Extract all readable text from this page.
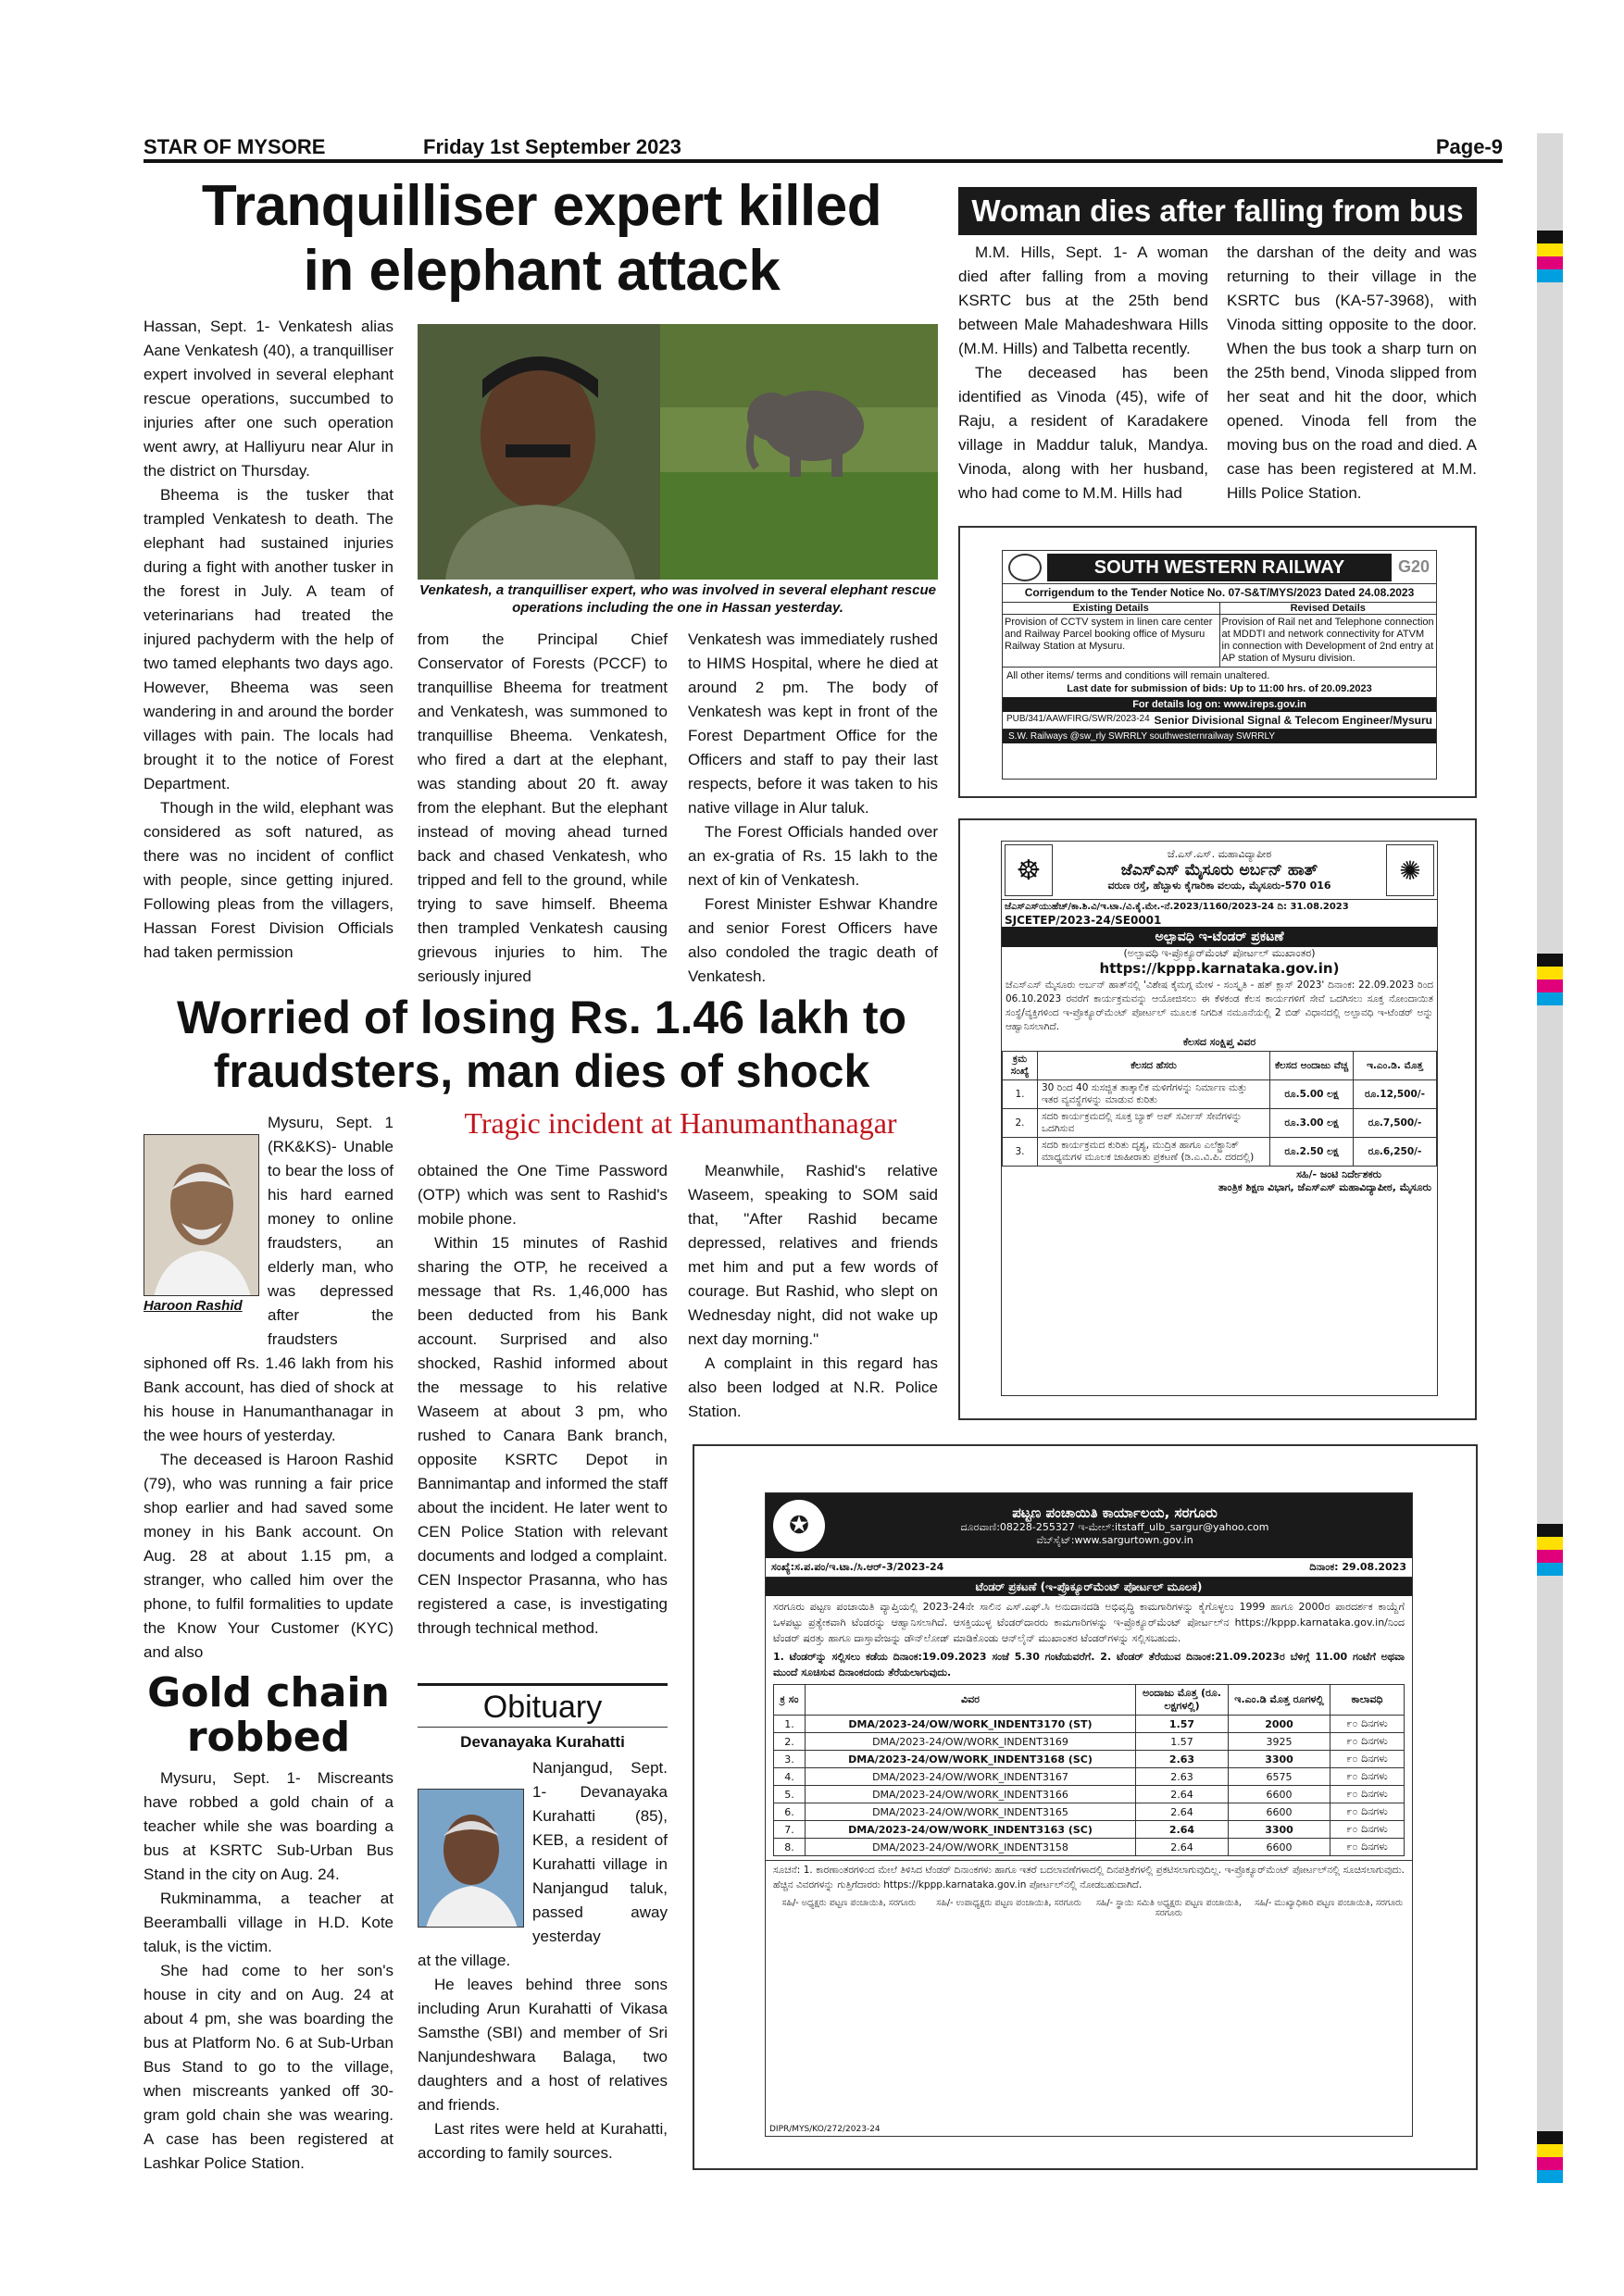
STAR OF MYSORE	Friday 1st September 2023	Page-9
Tranquilliser expert killed
in elephant attack

Hassan, Sept. 1- Venkatesh alias Aane Venkatesh (40), a tranquilliser expert involved in several elephant rescue operations, succumbed to injuries after one such operation went awry, at Halliyuru near Alur in the district on Thursday.

Bheema is the tusker that trampled Venkatesh to death. The elephant had sustained injuries during a fight with another tusker in the forest in July. A team of veterinarians had treated the injured pachyderm with the help of two tamed elephants two days ago. However, Bheema was seen wandering in and around the border villages with pain. The locals had brought it to the notice of Forest Department.

Though in the wild, elephant was considered as soft natured, as there was no incident of conflict with people, since getting injured. Following pleas from the villagers, Hassan Forest Division Officials had taken permission

Venkatesh, a tranquilliser expert, who was involved in several elephant rescue operations including the one in Hassan yesterday.

from the Principal Chief Conservator of Forests (PCCF) to tranquillise Bheema for treatment and Venkatesh, was summoned to tranquillise Bheema. Venkatesh, who fired a dart at the elephant, was standing about 20 ft. away from the elephant. But the elephant instead of moving ahead turned back and chased Venkatesh, who tripped and fell to the ground, while trying to save himself. Bheema then trampled Venkatesh causing grievous injuries to him. The seriously injured

Venkatesh was immediately rushed to HIMS Hospital, where he died at around 2 pm. The body of Venkatesh was kept in front of the Forest Department Office for the Officers and staff to pay their last respects, before it was taken to his native village in Alur taluk.

The Forest Officials handed over an ex-gratia of Rs. 15 lakh to the next of kin of Venkatesh.

Forest Minister Eshwar Khandre and senior Forest Officers have also condoled the tragic death of Venkatesh.

Woman dies after falling from bus

M.M. Hills, Sept. 1- A woman died after falling from a moving KSRTC bus at the 25th bend between Male Mahadeshwara Hills (M.M. Hills) and Talbetta recently.

The deceased has been identified as Vinoda (45), wife of Raju, a resident of Karadakere village in Maddur taluk, Mandya. Vinoda, along with her husband, who had come to M.M. Hills had

the darshan of the deity and was returning to their village in the KSRTC bus (KA-57-3968), with Vinoda sitting opposite to the door. When the bus took a sharp turn on the 25th bend, Vinoda slipped from her seat and hit the door, which opened. Vinoda fell from the moving bus on the road and died. A case has been registered at M.M. Hills Police Station.

SOUTH WESTERN RAILWAY	G20
Corrigendum to the Tender Notice No. 07-S&T/MYS/2023 Dated 24.08.2023
Existing Details
Provision of CCTV system in linen care center and Railway Parcel booking office of Mysuru Railway Station at Mysuru.
Revised Details
Provision of Rail net and Telephone connection at MDDTI and network connectivity for ATVM in connection with Development of 2nd entry at AP station of Mysuru division.
All other items/ terms and conditions will remain unaltered.
Last date for submission of bids: Up to 11:00 hrs. of 20.09.2023
For details log on: www.ireps.gov.in
PUB/341/AAWFIRG/SWR/2023-24 Senior Divisional Signal & Telecom Engineer/Mysuru
S.W. Railways @sw_rly SWRRLY southwesternrailway SWRRLY
☸
ಜೆ.ಎಸ್.ಎಸ್. ಮಹಾವಿದ್ಯಾಪೀಠ
ಜೆಎಸ್‌ಎಸ್ ಮೈಸೂರು ಅರ್ಬನ್ ಹಾತ್
ವರುಣ ರಸ್ತೆ, ಹೆಬ್ಬಾಳು ಕೈಗಾರಿಕಾ ವಲಯ, ಮೈಸೂರು-570 016	✺
ಜೆಎಸ್‌ಎಸ್‌ಯುಹೆಚ್/ಕಾ.ಶಿ.ವಿ/ಇ.ಟಾ./ವಿ.ಕೈ.ಮೇ.-ನೆ.2023/1160/2023-24 ದಿ: 31.08.2023
SJCETEP/2023-24/SE0001
ಅಲ್ಪಾವಧಿ ಇ-ಟೆಂಡರ್ ಪ್ರಕಟಣೆ
(ಅಲ್ಪಾವಧಿ ಇ-ಪ್ರೊಕ್ಯೂರ್‌ಮೆಂಟ್ ಪೋರ್ಟಲ್ ಮುಖಾಂತರ)
https://kppp.karnataka.gov.in)
ಜೆಎಸ್‌ಎಸ್ ಮೈಸೂರು ಅರ್ಬನ್ ಹಾತ್‌ನಲ್ಲಿ 'ವಿಶೇಷ ಕೈಮಗ್ಗ ಮೇಳ - ಸಂಸ್ಕೃತಿ - ಹತ್ ಕ್ಲಾಸ್ 2023' ದಿನಾಂಕ: 22.09.2023 ರಿಂದ 06.10.2023 ರವರೆಗೆ ಕಾರ್ಯಕ್ರಮವನ್ನು ಆಯೋಜಿಸಲು ಈ ಕೆಳಕಂಡ ಕೆಲಸ ಕಾರ್ಯಗಳಿಗೆ ಸೇವೆ ಒದಗಿಸಲು ಸೂಕ್ತ ನೋಂದಾಯಿತ ಸಂಸ್ಥೆ/ವ್ಯಕ್ತಿಗಳಿಂದ ಇ-ಪ್ರೊಕ್ಯೂರ್‌ಮೆಂಟ್ ಪೋರ್ಟಲ್ ಮೂಲಕ ನಿಗದಿತ ನಮೂನೆಯಲ್ಲಿ 2 ಬಿಡ್ ವಿಧಾನದಲ್ಲಿ ಅಲ್ಪಾವಧಿ ಇ-ಟೆಂಡರ್ ಅನ್ನು ಆಹ್ವಾನಿಸಲಾಗಿದೆ.
ಕೆಲಸದ ಸಂಕ್ಷಿಪ್ತ ವಿವರ
ಕ್ರಮ ಸಂಖ್ಯೆ	ಕೆಲಸದ ಹೆಸರು	ಕೆಲಸದ ಅಂದಾಜು ವೆಚ್ಚ	ಇ.ಎಂ.ಡಿ. ಮೊತ್ತ
1.	30 ರಿಂದ 40 ಸುಸಜ್ಜಿತ ತಾತ್ಕಾಲಿಕ ಮಳಿಗೆಗಳನ್ನು ನಿರ್ಮಾಣ ಮತ್ತು ಇತರ ವ್ಯವಸ್ಥೆಗಳನ್ನು ಮಾಡುವ ಕುರಿತು	ರೂ.5.00 ಲಕ್ಷ	ರೂ.12,500/-
2.	ಸದರಿ ಕಾರ್ಯಕ್ರಮದಲ್ಲಿ ಸೂಕ್ತ ಬ್ಯಾಕ್ ಅಪ್ ಸರ್ವೀಸ್ ಸೇವೆಗಳನ್ನು ಒದಗಿಸುವ	ರೂ.3.00 ಲಕ್ಷ	ರೂ.7,500/-
3.	ಸದರಿ ಕಾರ್ಯಕ್ರಮದ ಕುರಿತು ದೃಶ್ಯ, ಮುದ್ರಿತ ಹಾಗೂ ಎಲೆಕ್ಟ್ರಾನಿಕ್ ಮಾಧ್ಯಮಗಳ ಮೂಲಕ ಜಾಹೀರಾತು ಪ್ರಕಟಣೆ (ಡಿ.ಎ.ವಿ.ಪಿ. ದರದಲ್ಲಿ)	ರೂ.2.50 ಲಕ್ಷ	ರೂ.6,250/-
ಸಹಿ/- ಜಂಟಿ ನಿರ್ದೇಶಕರು
ತಾಂತ್ರಿಕ ಶಿಕ್ಷಣ ವಿಭಾಗ, ಜೆಎಸ್‌ಎಸ್ ಮಹಾವಿದ್ಯಾಪೀಠ, ಮೈಸೂರು
Worried of losing Rs. 1.46 lakh to
fraudsters, man dies of shock
Tragic incident at Hanumanthanagar
Haroon Rashid

Mysuru, Sept. 1 (RK&KS)- Unable to bear the loss of his hard earned money to online fraudsters, an elderly man, who was depressed after the fraudsters

siphoned off Rs. 1.46 lakh from his Bank account, has died of shock at his house in Hanumanthanagar in the wee hours of yesterday.

The deceased is Haroon Rashid (79), who was running a fair price shop earlier and had saved some money in his Bank account. On Aug. 28 at about 1.15 pm, a stranger, who called him over the phone, to fulfil formalities to update the Know Your Customer (KYC) and also

obtained the One Time Password (OTP) which was sent to Rashid's mobile phone.

Within 15 minutes of Rashid sharing the OTP, he received a message that Rs. 1,46,000 has been deducted from his Bank account. Surprised and also shocked, Rashid informed about the message to his relative Waseem at about 3 pm, who rushed to Canara Bank branch, opposite KSRTC Depot in Bannimantap and informed the staff about the incident. He later went to CEN Police Station with relevant documents and lodged a complaint. CEN Inspector Prasanna, who has registered a case, is investigating through technical method.

Meanwhile, Rashid's relative Waseem, speaking to SOM said that, "After Rashid became depressed, relatives and friends met him and put a few words of courage. But Rashid, who slept on Wednesday night, did not wake up next day morning."

A complaint in this regard has also been lodged at N.R. Police Station.

Gold chain
robbed

Mysuru, Sept. 1- Miscreants have robbed a gold chain of a teacher while she was boarding a bus at KSRTC Sub-Urban Bus Stand in the city on Aug. 24.

Rukminamma, a teacher at Beeramballi village in H.D. Kote taluk, is the victim.

She had come to her son's house in city and on Aug. 24 at about 4 pm, she was boarding the bus at Platform No. 6 at Sub-Urban Bus Stand to go to the village, when miscreants yanked off 30-gram gold chain she was wearing. A case has been registered at Lashkar Police Station.

Obituary
Devanayaka Kurahatti

Nanjangud, Sept. 1- Devanayaka Kurahatti (85), KEB, a resident of Kurahatti village in Nanjangud taluk, passed away yesterday

at the village.

He leaves behind three sons including Arun Kurahatti of Vikasa Samsthe (SBI) and member of Sri Nanjundeshwara Balaga, two daughters and a host of relatives and friends.

Last rites were held at Kurahatti, according to family sources.

✪	ಪಟ್ಟಣ ಪಂಚಾಯಿತಿ ಕಾರ್ಯಾಲಯ, ಸರಗೂರು
ದೂರವಾಣಿ:08228-255327 ಇ-ಮೇಲ್:itstaff_ulb_sargur@yahoo.com
ವೆಬ್‌ಸೈಟ್:www.sargurtown.gov.in
ಸಂಖ್ಯೆ:ಸ.ಪ.ಪಂ/ಇ.ಟಾ./ಸಿ.ಆರ್-3/2023-24	ದಿನಾಂಕ: 29.08.2023
ಟೆಂಡರ್ ಪ್ರಕಟಣೆ (ಇ-ಪ್ರೊಕ್ಯೂರ್‌ಮೆಂಟ್ ಪೋರ್ಟಲ್ ಮೂಲಕ)
ಸರಗೂರು ಪಟ್ಟಣ ಪಂಚಾಯಿತಿ ವ್ಯಾಪ್ತಿಯಲ್ಲಿ 2023-24ನೇ ಸಾಲಿನ ಎಸ್.ಎಫ್.ಸಿ ಅನುದಾನದಡಿ ಅಭಿವೃದ್ಧಿ ಕಾಮಗಾರಿಗಳನ್ನು ಕೈಗೊಳ್ಳಲು 1999 ಹಾಗೂ 2000ರ ಪಾರದರ್ಶಕ ಕಾಯ್ದೆಗೆ ಒಳಪಟ್ಟು ಪ್ರತ್ಯೇಕವಾಗಿ ಟೆಂಡರನ್ನು ಆಹ್ವಾನಿಸಲಾಗಿದೆ. ಆಸಕ್ತಿಯುಳ್ಳ ಟೆಂಡರ್‌ದಾರರು ಕಾಮಗಾರಿಗಳನ್ನು ಇ-ಪ್ರೊಕ್ಯೂರ್‌ಮೆಂಟ್ ಪೋರ್ಟಲ್‌ನ https://kppp.karnataka.gov.in/ನಿಂದ ಟೆಂಡರ್ ಷರತ್ತು ಹಾಗೂ ದಾಸ್ತಾವೇಜನ್ನು ಡೌನ್‌ಲೋಡ್ ಮಾಡಿಕೊಂಡು ಆನ್‌ಲೈನ್ ಮುಖಾಂತರ ಟೆಂಡರ್‌ಗಳನ್ನು ಸಲ್ಲಿಸಬಹುದು.
1. ಟೆಂಡರ್‌ನ್ನು ಸಲ್ಲಿಸಲು ಕಡೆಯ ದಿನಾಂಕ:19.09.2023 ಸಂಜೆ 5.30 ಗಂಟೆಯವರೆಗೆ. 2. ಟೆಂಡರ್ ತೆರೆಯುವ ದಿನಾಂಕ:21.09.2023ರ ಬೆಳಿಗ್ಗೆ 11.00 ಗಂಟೆಗೆ ಅಥವಾ ಮುಂದೆ ಸೂಚಿಸುವ ದಿನಾಂಕದಂದು ತೆರೆಯಲಾಗುವುದು.
ಕ್ರ ಸಂ	ವಿವರ	ಅಂದಾಜು ಮೊತ್ತ (ರೂ. ಲಕ್ಷಗಳಲ್ಲಿ)	ಇ.ಎಂ.ಡಿ ಮೊತ್ತ ರೂಗಳಲ್ಲಿ	ಕಾಲಾವಧಿ
1.	DMA/2023-24/OW/WORK_INDENT3170 (ST)	1.57	2000	೯೦ ದಿನಗಳು
2.	DMA/2023-24/OW/WORK_INDENT3169	1.57	3925	೯೦ ದಿನಗಳು
3.	DMA/2023-24/OW/WORK_INDENT3168 (SC)	2.63	3300	೯೦ ದಿನಗಳು
4.	DMA/2023-24/OW/WORK_INDENT3167	2.63	6575	೯೦ ದಿನಗಳು
5.	DMA/2023-24/OW/WORK_INDENT3166	2.64	6600	೯೦ ದಿನಗಳು
6.	DMA/2023-24/OW/WORK_INDENT3165	2.64	6600	೯೦ ದಿನಗಳು
7.	DMA/2023-24/OW/WORK_INDENT3163 (SC)	2.64	3300	೯೦ ದಿನಗಳು
8.	DMA/2023-24/OW/WORK_INDENT3158	2.64	6600	೯೦ ದಿನಗಳು
ಸೂಚನೆ: 1. ಕಾರಣಾಂತರಗಳಿಂದ ಮೇಲೆ ತಿಳಿಸಿದ ಟೆಂಡರ್ ದಿನಾಂಕಗಳು ಹಾಗೂ ಇತರೆ ಬದಲಾವಣೆಗಳಾದಲ್ಲಿ ದಿನಪತ್ರಿಕೆಗಳಲ್ಲಿ ಪ್ರಕಟಿಸಲಾಗುವುದಿಲ್ಲ. ಇ-ಪ್ರೊಕ್ಯೂರ್‌ಮೆಂಟ್ ಪೋರ್ಟಲ್‌ನಲ್ಲಿ ಸೂಚಿಸಲಾಗುವುದು. ಹೆಚ್ಚಿನ ವಿವರಗಳನ್ನು ಗುತ್ತಿಗೆದಾರರು https://kppp.karnataka.gov.in ಪೋರ್ಟಲ್‌ನಲ್ಲಿ ನೋಡಬಹುದಾಗಿದೆ.
ಸಹಿ/- ಅಧ್ಯಕ್ಷರು ಪಟ್ಟಣ ಪಂಚಾಯಿತಿ, ಸರಗೂರು	ಸಹಿ/- ಉಪಾಧ್ಯಕ್ಷರು ಪಟ್ಟಣ ಪಂಚಾಯಿತಿ, ಸರಗೂರು	ಸಹಿ/- ಸ್ಥಾಯಿ ಸಮಿತಿ ಅಧ್ಯಕ್ಷರು ಪಟ್ಟಣ ಪಂಚಾಯಿತಿ, ಸರಗೂರು
ಸಹಿ/- ಮುಖ್ಯಾಧಿಕಾರಿ ಪಟ್ಟಣ ಪಂಚಾಯಿತಿ, ಸರಗೂರು
DIPR/MYS/KO/272/2023-24
